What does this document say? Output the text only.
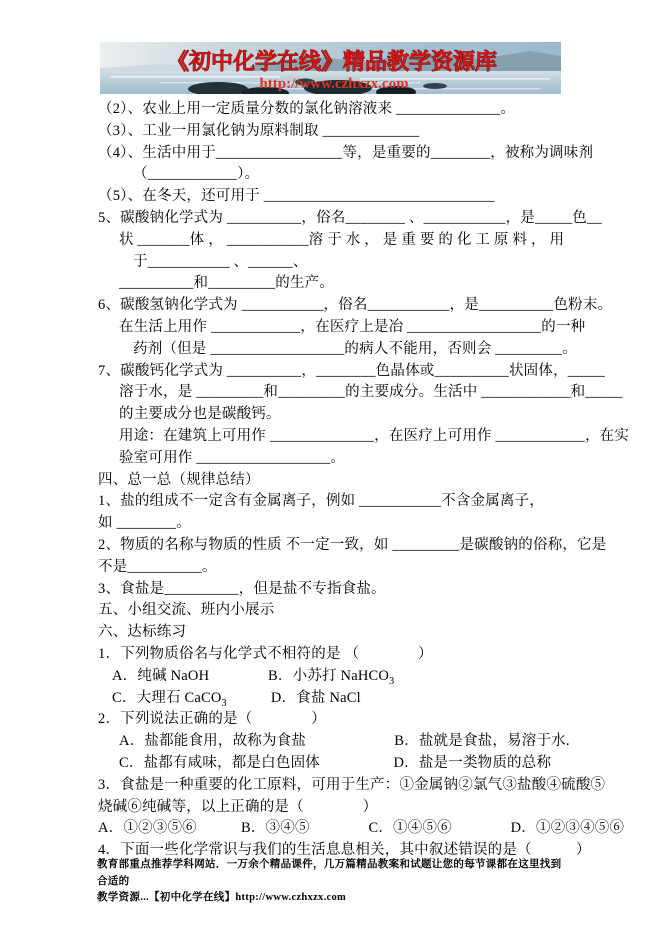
《初中化学在线》精品教学资源库
http://www.czhxzx.com
（2）、农业上用一定质量分数的氯化钠溶液来 ______________。
（3）、工业一用氯化钠为原料制取 _____________
（4）、生活中用于_________________等，是重要的________，被称为调味剂
（____________）。
（5）、在冬天，还可用于 _______________________________
5、碳酸钠化学式为 __________，俗名________ 、___________，是_____色__
状 _______体 ， ___________溶 于 水 ， 是 重 要 的 化 工 原 料 ， 用
于___________ 、______、
__________和_________的生产。
6、碳酸氢钠化学式为 ___________，俗名___________，是__________色粉末。
在生活上用作 ____________，在医疗上是冶 __________________的一种
药剂（但是 __________________的病人不能用，否则会 _________。
7、碳酸钙化学式为 __________，________色晶体或__________状固体，_____
溶于水，是 _________和_________的主要成分。生活中 ____________和_____
的主要成分也是碳酸钙。
用途：在建筑上可用作 ______________，在医疗上可用作 ____________，在实
验室可用作 __________________。
四、总一总（规律总结）
1、盐的组成不一定含有金属离子，例如 ___________不含金属离子，
如 ________。
2、物质的名称与物质的性质 不一定一致，如 _________是碳酸钠的俗称，它是
不是__________。
3、食盐是__________，但是盐不专指食盐。
五、小组交流、班内小展示
六、达标练习
1．下列物质俗名与化学式不相符的是 （　　　　）
A．纯碱 NaOH　　　　B．小苏打 NaHCO$_3$
C．大理石 CaCO$_3$　　　D．食盐 NaCl
2．下列说法正确的是（　　　　）
A．盐都能食用，故称为食盐　　　　　　B．盐就是食盐，易溶于水.
C．盐都有咸味，都是白色固体　　　　　D．盐是一类物质的总称
3．食盐是一种重要的化工原料，可用于生产：①金属钠②氯气③盐酸④硫酸⑤
烧碱⑥纯碱等，以上正确的是（　　　　）
A．①②③⑤⑥　　　B．③④⑤　　　　C．①④⑤⑥　　　　D．①②③④⑤⑥
4．下面一些化学常识与我们的生活息息相关，其中叙述错误的是（　　　）
教育部重点推荐学科网站．一万余个精品课件，几万篇精品教案和试题让您的每节课都在这里找到合适的
教学资源...【初中化学在线】http://www.czhxzx.com
